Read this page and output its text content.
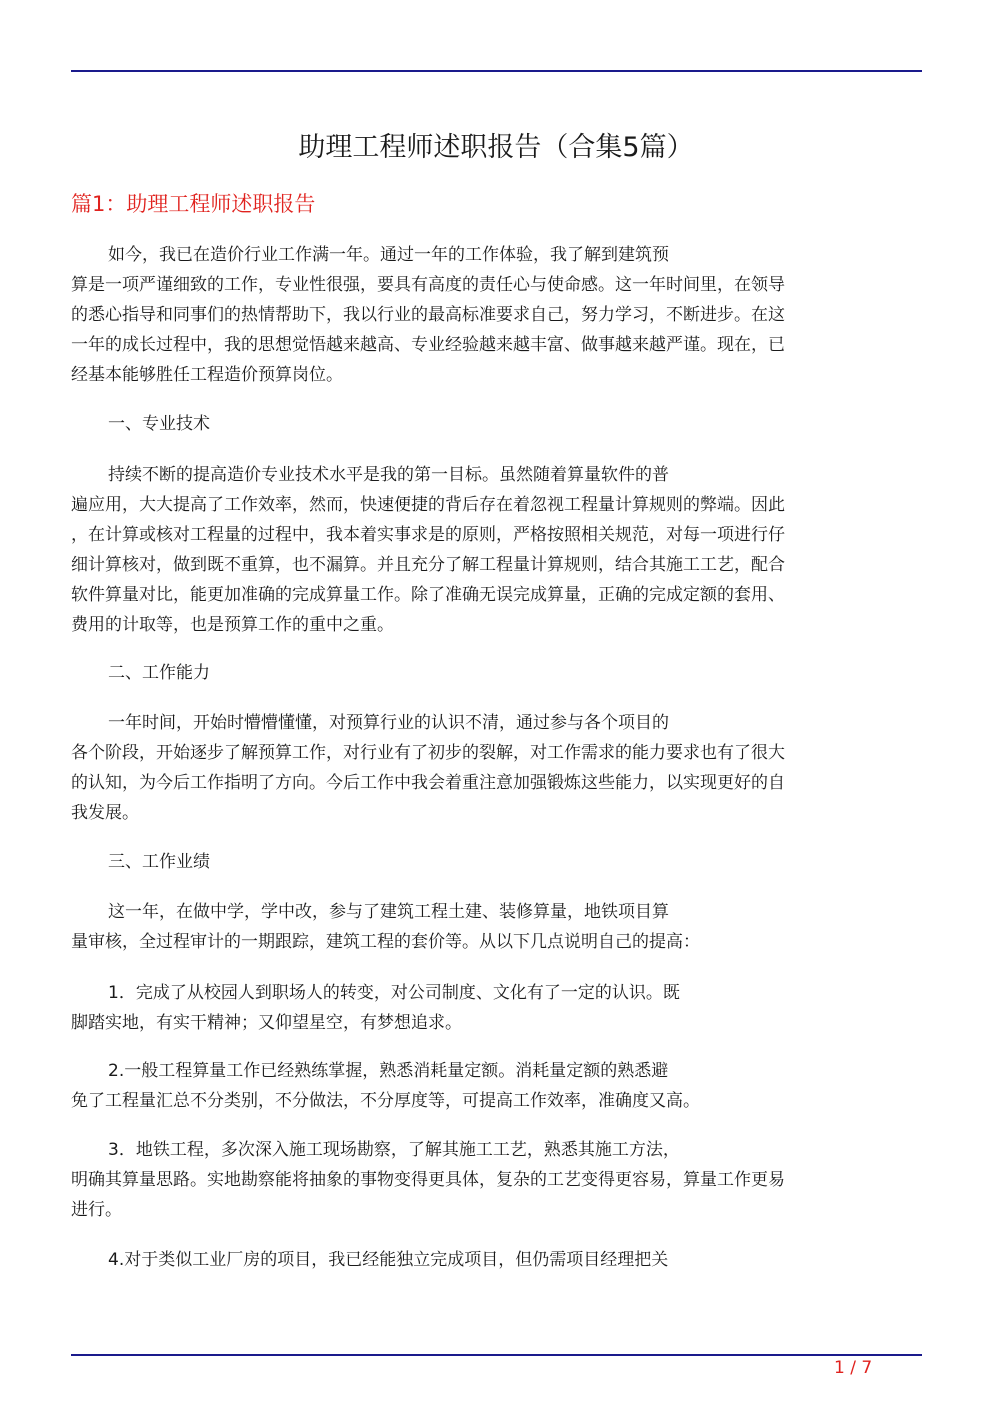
助理工程师述职报告（合集5篇）
篇1：助理工程师述职报告
如今，我已在造价行业工作满一年。通过一年的工作体验，我了解到建筑预
算是一项严谨细致的工作，专业性很强，要具有高度的责任心与使命感。这一年时间里，在领导
的悉心指导和同事们的热情帮助下，我以行业的最高标准要求自己，努力学习，不断进步。在这
一年的成长过程中，我的思想觉悟越来越高、专业经验越来越丰富、做事越来越严谨。现在，已
经基本能够胜任工程造价预算岗位。
一、专业技术
持续不断的提高造价专业技术水平是我的第一目标。虽然随着算量软件的普
遍应用，大大提高了工作效率，然而，快速便捷的背后存在着忽视工程量计算规则的弊端。因此
，在计算或核对工程量的过程中，我本着实事求是的原则，严格按照相关规范，对每一项进行仔
细计算核对，做到既不重算，也不漏算。并且充分了解工程量计算规则，结合其施工工艺，配合
软件算量对比，能更加准确的完成算量工作。除了准确无误完成算量，正确的完成定额的套用、
费用的计取等，也是预算工作的重中之重。
二、工作能力
一年时间，开始时懵懵懂懂，对预算行业的认识不清，通过参与各个项目的
各个阶段，开始逐步了解预算工作，对行业有了初步的裂解，对工作需求的能力要求也有了很大
的认知，为今后工作指明了方向。今后工作中我会着重注意加强锻炼这些能力，以实现更好的自
我发展。
三、工作业绩
这一年，在做中学，学中改，参与了建筑工程土建、装修算量，地铁项目算
量审核，全过程审计的一期跟踪，建筑工程的套价等。从以下几点说明自己的提高：
1．完成了从校园人到职场人的转变，对公司制度、文化有了一定的认识。既
脚踏实地，有实干精神；又仰望星空，有梦想追求。
2.一般工程算量工作已经熟练掌握，熟悉消耗量定额。消耗量定额的熟悉避
免了工程量汇总不分类别，不分做法，不分厚度等，可提高工作效率，准确度又高。
3．地铁工程，多次深入施工现场勘察，了解其施工工艺，熟悉其施工方法，
明确其算量思路。实地勘察能将抽象的事物变得更具体，复杂的工艺变得更容易，算量工作更易
进行。
4.对于类似工业厂房的项目，我已经能独立完成项目，但仍需项目经理把关
1 / 7
